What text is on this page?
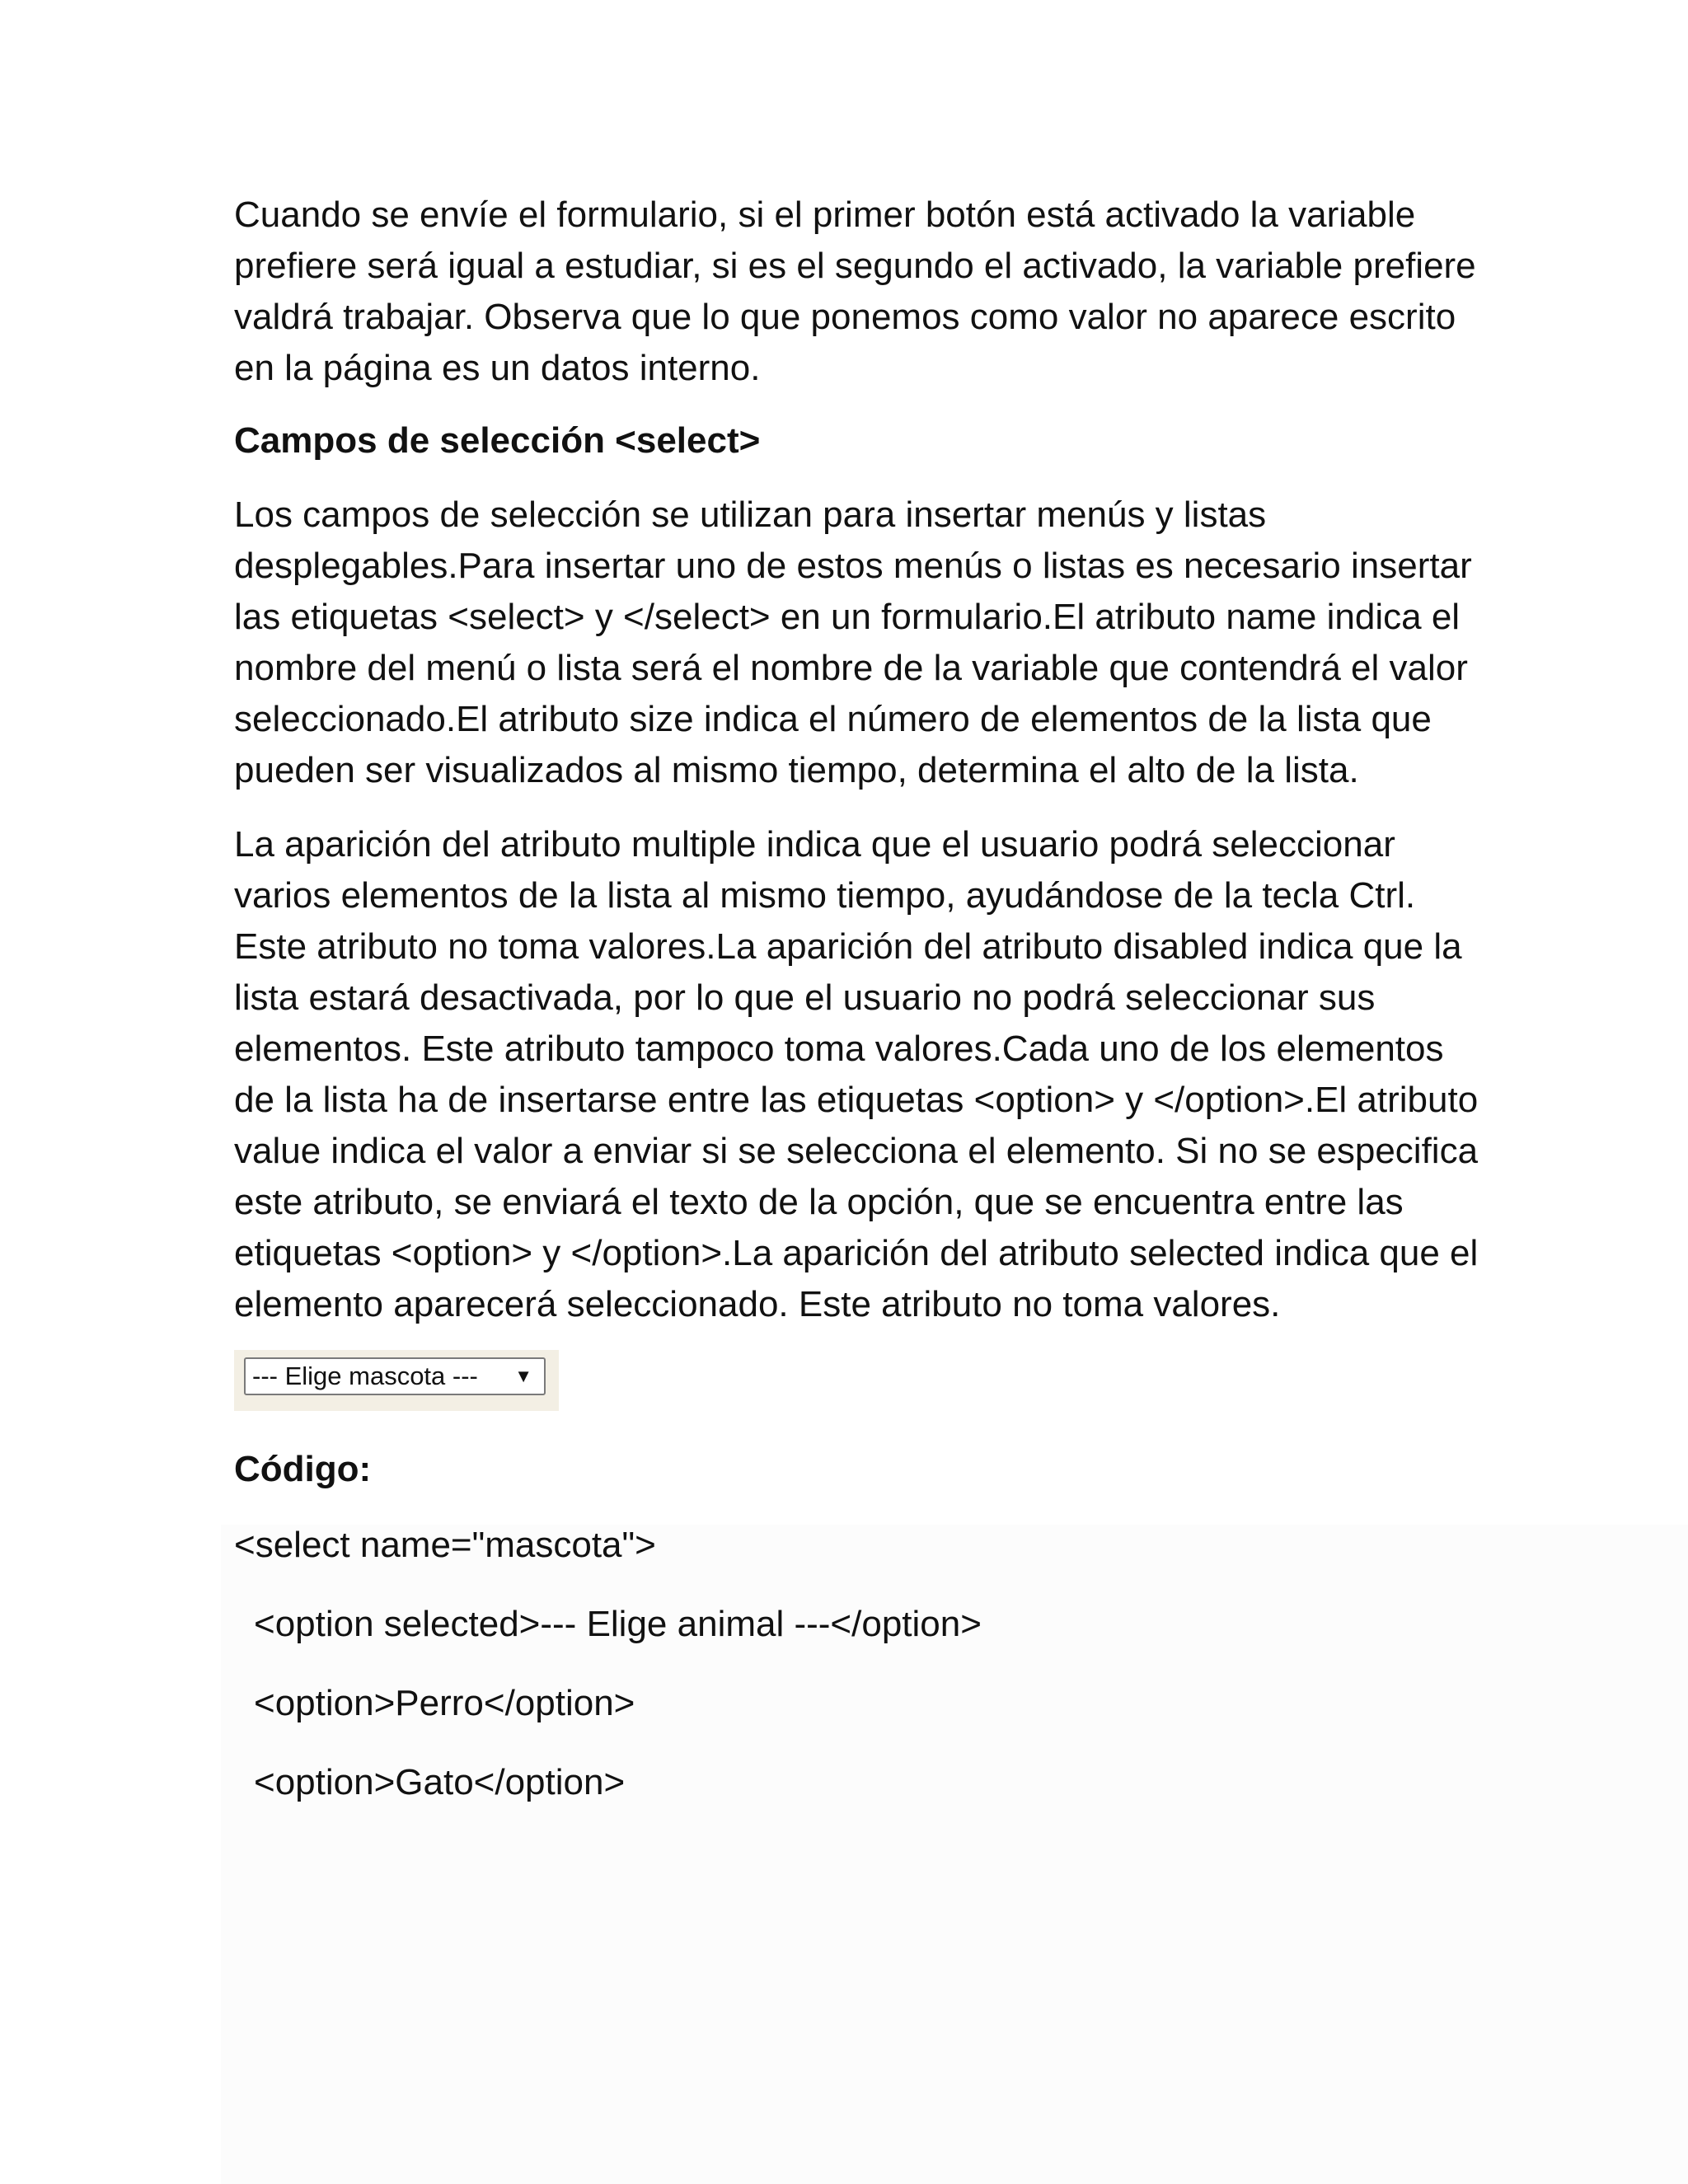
Cuando se envíe el formulario, si el primer botón está activado la variable prefiere será igual a estudiar, si es el segundo el activado, la variable prefiere valdrá trabajar. Observa que lo que ponemos como valor no aparece escrito en la página es un datos interno.

Campos de selección <select>

Los campos de selección se utilizan para insertar menús y listas desplegables.Para insertar uno de estos menús o listas es necesario insertar las etiquetas <select> y </select> en un formulario.El atributo name indica el nombre del menú o lista será el nombre de la variable que contendrá el valor seleccionado.El atributo size indica el número de elementos de la lista que pueden ser visualizados al mismo tiempo, determina el alto de la lista.

La aparición del atributo multiple indica que el usuario podrá seleccionar varios elementos de la lista al mismo tiempo, ayudándose de la tecla Ctrl. Este atributo no toma valores.La aparición del atributo disabled indica que la lista estará desactivada, por lo que el usuario no podrá seleccionar sus elementos. Este atributo tampoco toma valores.Cada uno de los elementos de la lista ha de insertarse entre las etiquetas <option> y </option>.El atributo value indica el valor a enviar si se selecciona el elemento. Si no se especifica este atributo, se enviará el texto de la opción, que se encuentra entre las etiquetas <option> y </option>.La aparición del atributo selected indica que el elemento aparecerá seleccionado. Este atributo no toma valores.

--- Elige mascota --- ▼
Código:
<select name="mascota">
<option selected>--- Elige animal ---</option>
<option>Perro</option>
<option>Gato</option>
